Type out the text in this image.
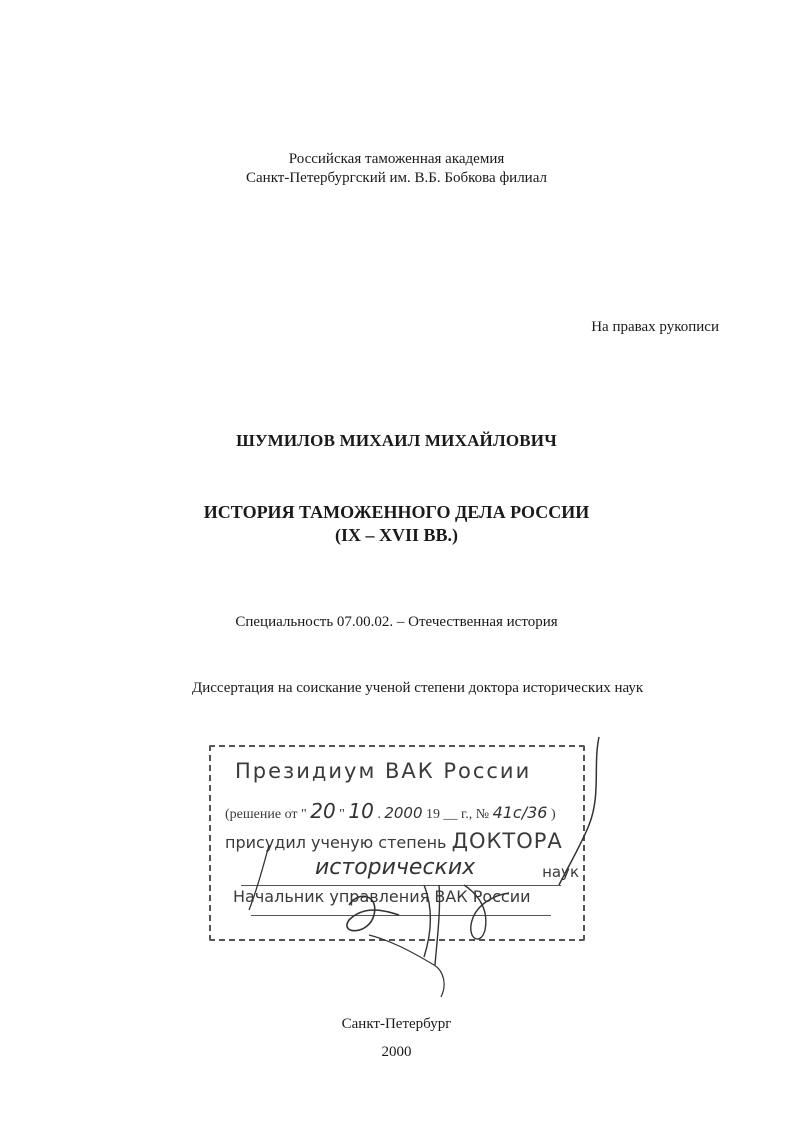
Российская таможенная академия
Санкт-Петербургский им. В.Б. Бобкова филиал
На правах рукописи
ШУМИЛОВ МИХАИЛ МИХАЙЛОВИЧ
ИСТОРИЯ ТАМОЖЕННОГО ДЕЛА РОССИИ
(IX – XVII ВВ.)
Специальность 07.00.02. – Отечественная история
Диссертация на соискание ученой степени доктора исторических наук
Президиум ВАК России
(решение от " 20 " 10 . 2000 19 __ г., № 41с/36 )
присудил ученую степень ДОКТОРА
исторических	наук
Начальник управления ВАК России
Санкт-Петербург
2000
